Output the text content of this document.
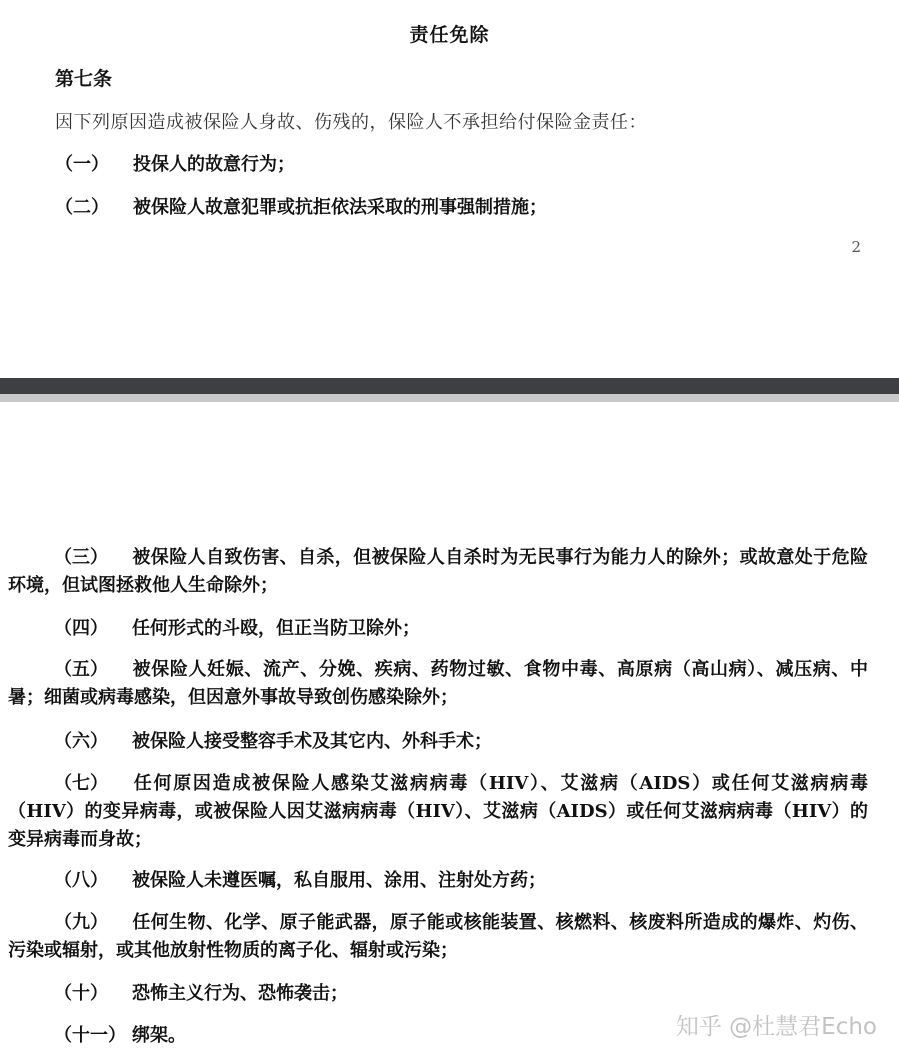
责任免除
第七条
因下列原因造成被保险人身故、伤残的，保险人不承担给付保险金责任：
（一） 投保人的故意行为；
（二） 被保险人故意犯罪或抗拒依法采取的刑事强制措施；
2
（三） 被保险人自致伤害、自杀，但被保险人自杀时为无民事行为能力人的除外；或故意处于危险环境，但试图拯救他人生命除外；
（四） 任何形式的斗殴，但正当防卫除外；
（五） 被保险人妊娠、流产、分娩、疾病、药物过敏、食物中毒、高原病（高山病）、减压病、中暑；细菌或病毒感染，但因意外事故导致创伤感染除外；
（六） 被保险人接受整容手术及其它内、外科手术；
（七） 任何原因造成被保险人感染艾滋病病毒（HIV）、艾滋病（AIDS）或任何艾滋病病毒（HIV）的变异病毒，或被保险人因艾滋病病毒（HIV）、艾滋病（AIDS）或任何艾滋病病毒（HIV）的变异病毒而身故；
（八） 被保险人未遵医嘱，私自服用、涂用、注射处方药；
（九） 任何生物、化学、原子能武器，原子能或核能装置、核燃料、核废料所造成的爆炸、灼伤、污染或辐射，或其他放射性物质的离子化、辐射或污染；
（十） 恐怖主义行为、恐怖袭击；
（十一） 绑架。	知乎 @杜慧君Echo
